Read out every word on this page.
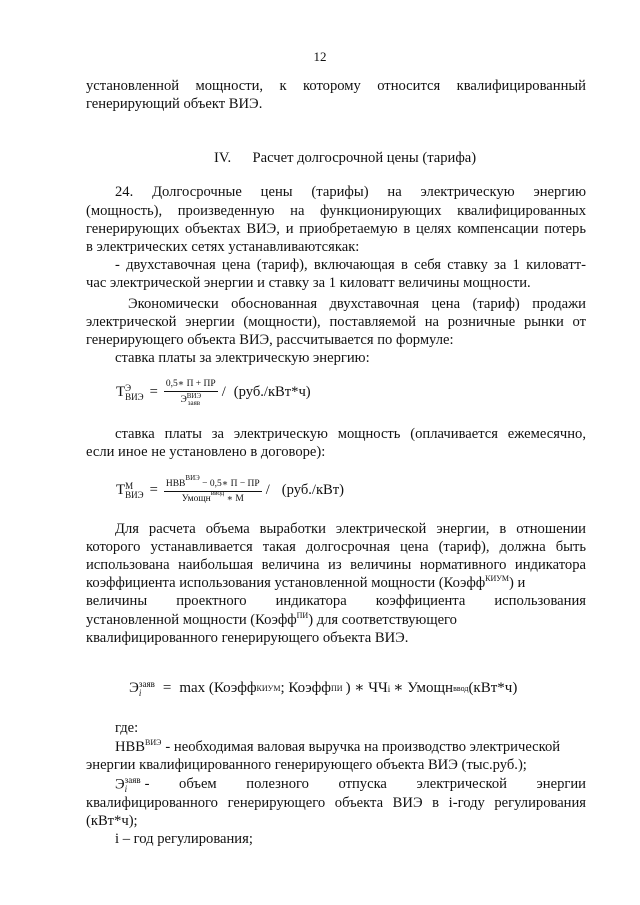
12
установленной мощности, к которому относится квалифицированный
генерирующий объект ВИЭ.
IV. Расчет долгосрочной цены (тарифа)
24. Долгосрочные цены (тарифы) на электрическую энергию
(мощность), произведенную на функционирующих квалифицированных
генерирующих объектах ВИЭ, и приобретаемую в целях компенсации потерь
в электрических сетях устанавливаютсякак:
- двухставочная цена (тариф), включающая в себя ставку за 1 киловатт-
час электрической энергии и ставку за 1 киловатт величины мощности.
Экономически обоснованная двухставочная цена (тариф) продажи
электрической энергии (мощности), поставляемой на розничные рынки от
генерирующего объекта ВИЭ, рассчитывается по формуле:
ставка платы за электрическую энергию:
Т Э
ВИЭ = 0,5∗ П + ПР
Э ВИЭ
заяв / (руб./кВт*ч)
ставка платы за электрическую мощность (оплачивается ежемесячно,
если иное не установлено в договоре):
Т М
ВИЭ = $\frac{НВВ^{ВИЭ} - 0,5∗ П - ПР}{Умощн^{ввод} ∗ М} / (руб./кВт)$
Для расчета объема выработки электрической энергии, в отношении
которого устанавливается такая долгосрочная цена (тариф), должна быть
использована наибольшая величина из величины нормативного индикатора
коэффициента использования установленной мощности (Коэфф$^{КИУМ}$) и
величины проектного индикатора коэффициента использования
установленной мощности (Коэфф$^{ПИ}$) для соответствующего
квалифицированного генерирующего объекта ВИЭ.
Э заяв
i	= max (Коэфф КИУМ ; Коэфф ПИ ) ∗ ЧЧ i ∗ Умощн ввод (кВт*ч)
где:
$НВВ^{ВИЭ}$ - необходимая валовая выручка на производство электрической
энергии квалифицированного генерирующего объекта ВИЭ (тыс.руб.);
Э заяв
i	- объем полезного отпуска электрической энергии
квалифицированного генерирующего объекта ВИЭ в i-году регулирования
(кВт*ч);
i – год регулирования;
